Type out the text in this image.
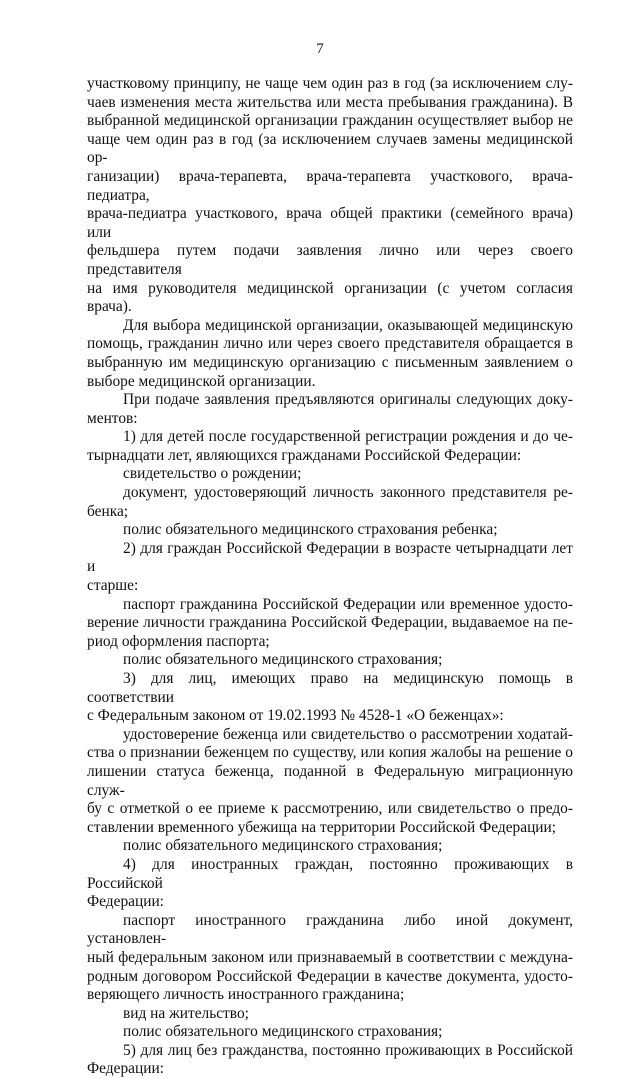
7

участковому принципу, не чаще чем один раз в год (за исключением слу-

чаев изменения места жительства или места пребывания гражданина). В

выбранной медицинской организации гражданин осуществляет выбор не

чаще чем один раз в год (за исключением случаев замены медицинской ор-

ганизации) врача-терапевта, врача-терапевта участкового, врача-педиатра,

врача-педиатра участкового, врача общей практики (семейного врача) или

фельдшера путем подачи заявления лично или через своего представителя

на имя руководителя медицинской организации (с учетом согласия врача).

Для выбора медицинской организации, оказывающей медицинскую

помощь, гражданин лично или через своего представителя обращается в

выбранную им медицинскую организацию с письменным заявлением о

выборе медицинской организации.

При подаче заявления предъявляются оригиналы следующих доку-

ментов:

1) для детей после государственной регистрации рождения и до че-

тырнадцати лет, являющихся гражданами Российской Федерации:

свидетельство о рождении;

документ, удостоверяющий личность законного представителя ре-

бенка;

полис обязательного медицинского страхования ребенка;

2) для граждан Российской Федерации в возрасте четырнадцати лет и

старше:

паспорт гражданина Российской Федерации или временное удосто-

верение личности гражданина Российской Федерации, выдаваемое на пе-

риод оформления паспорта;

полис обязательного медицинского страхования;

3) для лиц, имеющих право на медицинскую помощь в соответствии

с Федеральным законом от 19.02.1993 № 4528-1 «О беженцах»:

удостоверение беженца или свидетельство о рассмотрении ходатай-

ства о признании беженцем по существу, или копия жалобы на решение о

лишении статуса беженца, поданной в Федеральную миграционную служ-

бу с отметкой о ее приеме к рассмотрению, или свидетельство о предо-

ставлении временного убежища на территории Российской Федерации;

полис обязательного медицинского страхования;

4) для иностранных граждан, постоянно проживающих в Российской

Федерации:

паспорт иностранного гражданина либо иной документ, установлен-

ный федеральным законом или признаваемый в соответствии с междуна-

родным договором Российской Федерации в качестве документа, удосто-

веряющего личность иностранного гражданина;

вид на жительство;

полис обязательного медицинского страхования;

5) для лиц без гражданства, постоянно проживающих в Российской

Федерации:
